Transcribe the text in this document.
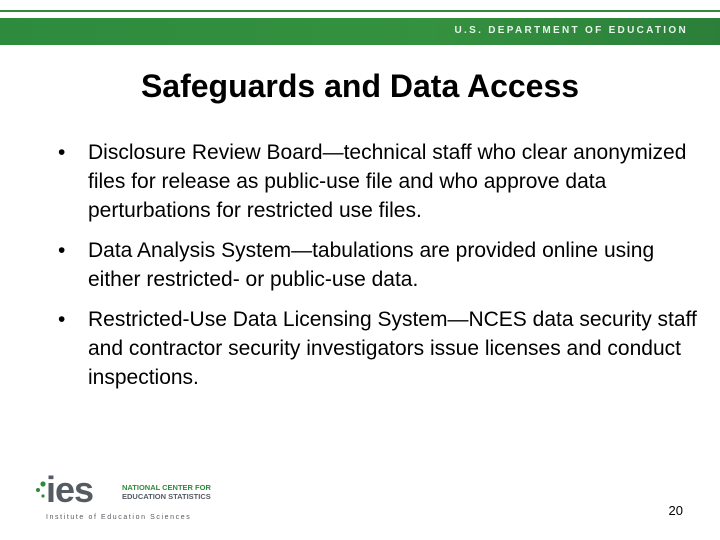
U.S. DEPARTMENT OF EDUCATION
Safeguards and Data Access
• Disclosure Review Board—technical staff who clear anonymized files for release as public-use file and who approve data perturbations for restricted use files.
• Data Analysis System—tabulations are provided online using either restricted- or public-use data.
• Restricted-Use Data Licensing System—NCES data security staff and contractor security investigators issue licenses and conduct inspections.
ies	NATIONAL CENTER FOR
EDUCATION STATISTICS
Institute of Education Sciences	20
